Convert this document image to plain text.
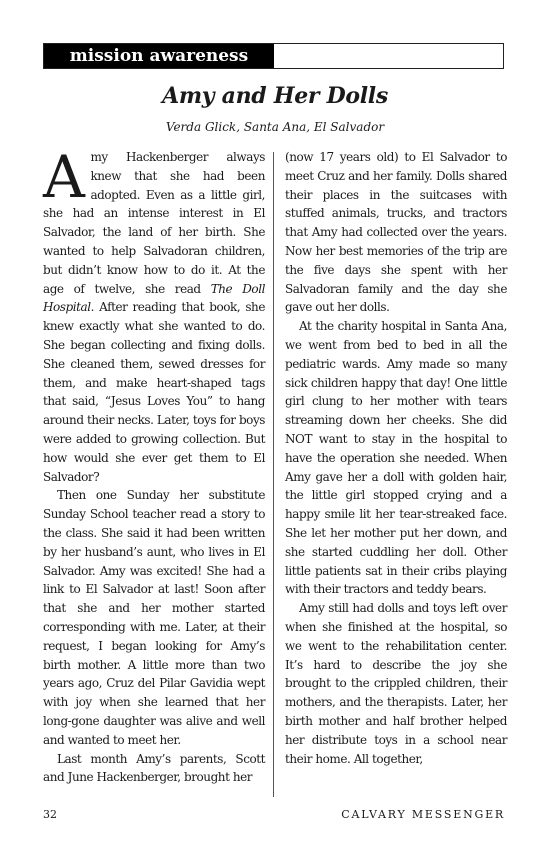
mission awareness
Amy and Her Dolls
Verda Glick, Santa Ana, El Salvador

Amy Hackenberger always knew that she had been adopted. Even as a little girl, she had an intense interest in El Salvador, the land of her birth. She wanted to help Salvadoran children, but didn’t know how to do it. At the age of twelve, she read The Doll Hospital. After reading that book, she knew exactly what she wanted to do. She began collecting and fixing dolls. She cleaned them, sewed dresses for them, and make heart-shaped tags that said, “Jesus Loves You” to hang around their necks. Later, toys for boys were added to growing collection. But how would she ever get them to El Salvador?

Then one Sunday her substitute Sunday School teacher read a story to the class. She said it had been written by her husband’s aunt, who lives in El Salvador. Amy was excited! She had a link to El Salvador at last! Soon after that she and her mother started corresponding with me. Later, at their request, I began looking for Amy’s birth mother. A little more than two years ago, Cruz del Pilar Gavidia wept with joy when she learned that her long-gone daughter was alive and well and wanted to meet her.

Last month Amy’s parents, Scott and June Hackenberger, brought her

(now 17 years old) to El Salvador to meet Cruz and her family. Dolls shared their places in the suitcases with stuffed animals, trucks, and tractors that Amy had collected over the years. Now her best memories of the trip are the five days she spent with her Salvadoran family and the day she gave out her dolls.

At the charity hospital in Santa Ana, we went from bed to bed in all the pediatric wards. Amy made so many sick children happy that day! One little girl clung to her mother with tears streaming down her cheeks. She did NOT want to stay in the hospital to have the operation she needed. When Amy gave her a doll with golden hair, the little girl stopped crying and a happy smile lit her tear-streaked face. She let her mother put her down, and she started cuddling her doll. Other little patients sat in their cribs playing with their tractors and teddy bears.

Amy still had dolls and toys left over when she finished at the hospital, so we went to the rehabilitation center. It’s hard to describe the joy she brought to the crippled children, their mothers, and the therapists. Later, her birth mother and half brother helped her distribute toys in a school near their home. All together,

32	CALVARY MESSENGER
